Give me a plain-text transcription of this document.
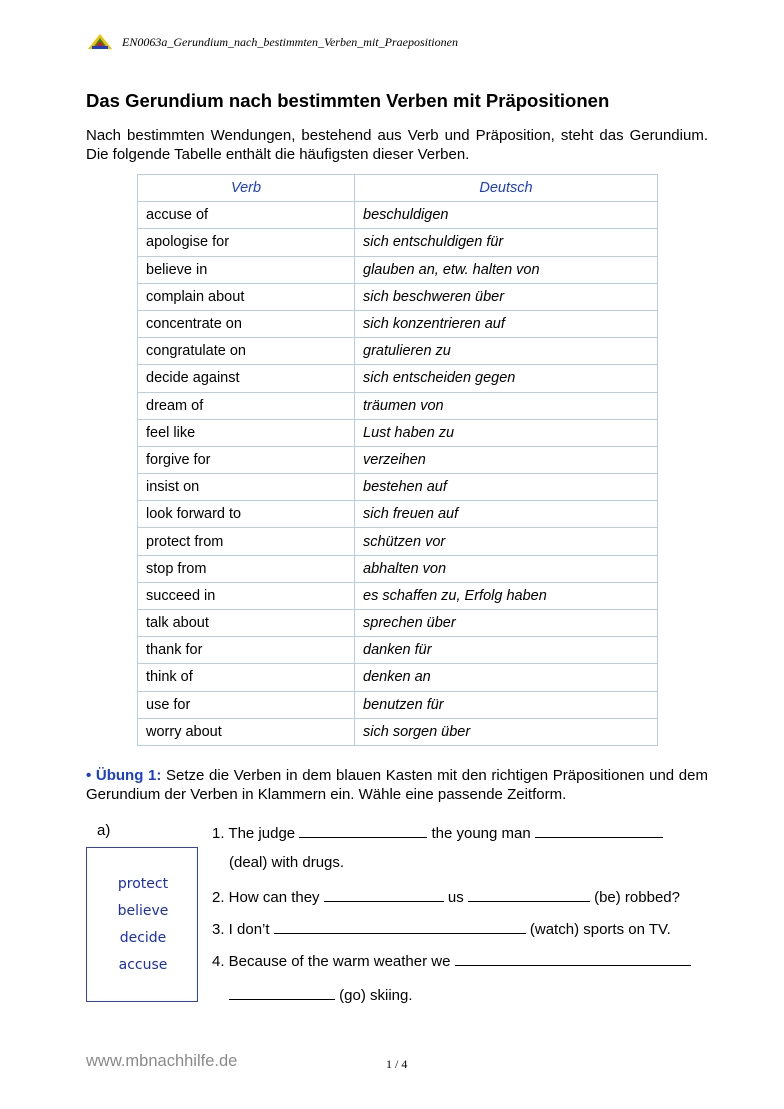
EN0063a_Gerundium_nach_bestimmten_Verben_mit_Praepositionen
Das Gerundium nach bestimmten Verben mit Präpositionen
Nach bestimmten Wendungen, bestehend aus Verb und Präposition, steht das Gerundium. Die folgende Tabelle enthält die häufigsten dieser Verben.
Verb	Deutsch
accuse of	beschuldigen
apologise for	sich entschuldigen für
believe in	glauben an, etw. halten von
complain about	sich beschweren über
concentrate on	sich konzentrieren auf
congratulate on	gratulieren zu
decide against	sich entscheiden gegen
dream of	träumen von
feel like	Lust haben zu
forgive for	verzeihen
insist on	bestehen auf
look forward to	sich freuen auf
protect from	schützen vor
stop from	abhalten von
succeed in	es schaffen zu, Erfolg haben
talk about	sprechen über
thank for	danken für
think of	denken an
use for	benutzen für
worry about	sich sorgen über
• Übung 1: Setze die Verben in dem blauen Kasten mit den richtigen Präpositionen und dem Gerundium der Verben in Klammern ein. Wähle eine passende Zeitform.
a)
protect
believe
decide
accuse
1. The judge	the young man
(deal) with drugs.
2. How can they	us	(be) robbed?
3. I don’t	(watch) sports on TV.
4. Because of the warm weather we
(go) skiing.
www.mbnachhilfe.de	1 / 4
